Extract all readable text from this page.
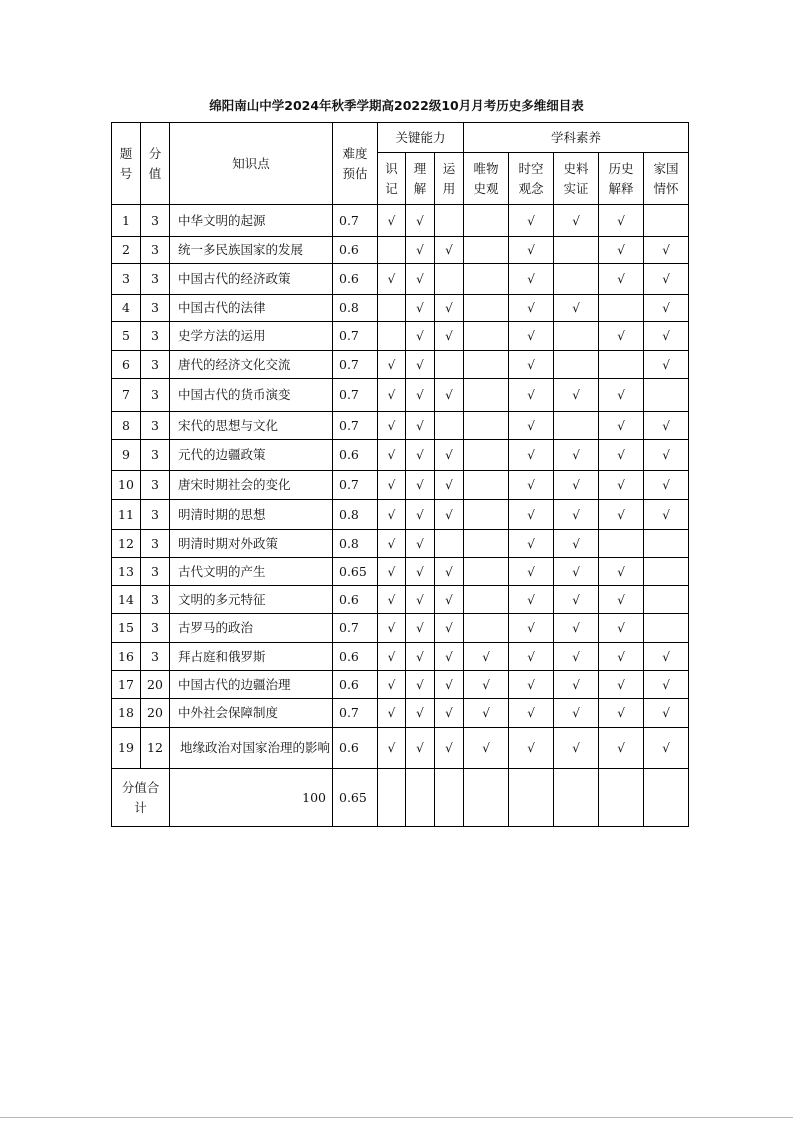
绵阳南山中学2024年秋季学期高2022级10月月考历史多维细目表
题号	分值	知识点	难度预估	关键能力			学科素养				
				识记	理解	运用	唯物史观	时空观念	史料实证	历史解释	家国情怀
1	3	中华文明的起源	0.7	√	√			√	√	√	
2	3	统一多民族国家的发展	0.6		√	√		√		√	√
3	3	中国古代的经济政策	0.6	√	√			√		√	√
4	3	中国古代的法律	0.8		√	√		√	√		√
5	3	史学方法的运用	0.7		√	√		√		√	√
6	3	唐代的经济文化交流	0.7	√	√			√			√
7	3	中国古代的货币演变	0.7	√	√	√		√	√	√	
8	3	宋代的思想与文化	0.7	√	√			√		√	√
9	3	元代的边疆政策	0.6	√	√	√		√	√	√	√
10	3	唐宋时期社会的变化	0.7	√	√	√		√	√	√	√
11	3	明清时期的思想	0.8	√	√	√		√	√	√	√
12	3	明清时期对外政策	0.8	√	√			√	√		
13	3	古代文明的产生	0.65	√	√	√		√	√	√	
14	3	文明的多元特征	0.6	√	√	√		√	√	√	
15	3	古罗马的政治	0.7	√	√	√		√	√	√	
16	3	拜占庭和俄罗斯	0.6	√	√	√	√	√	√	√	√
17	20	中国古代的边疆治理	0.6	√	√	√	√	√	√	√	√
18	20	中外社会保障制度	0.7	√	√	√	√	√	√	√	√
19	12	地缘政治对国家治理的影响	0.6	√	√	√	√	√	√	√	√
分值合计		100	0.65								
